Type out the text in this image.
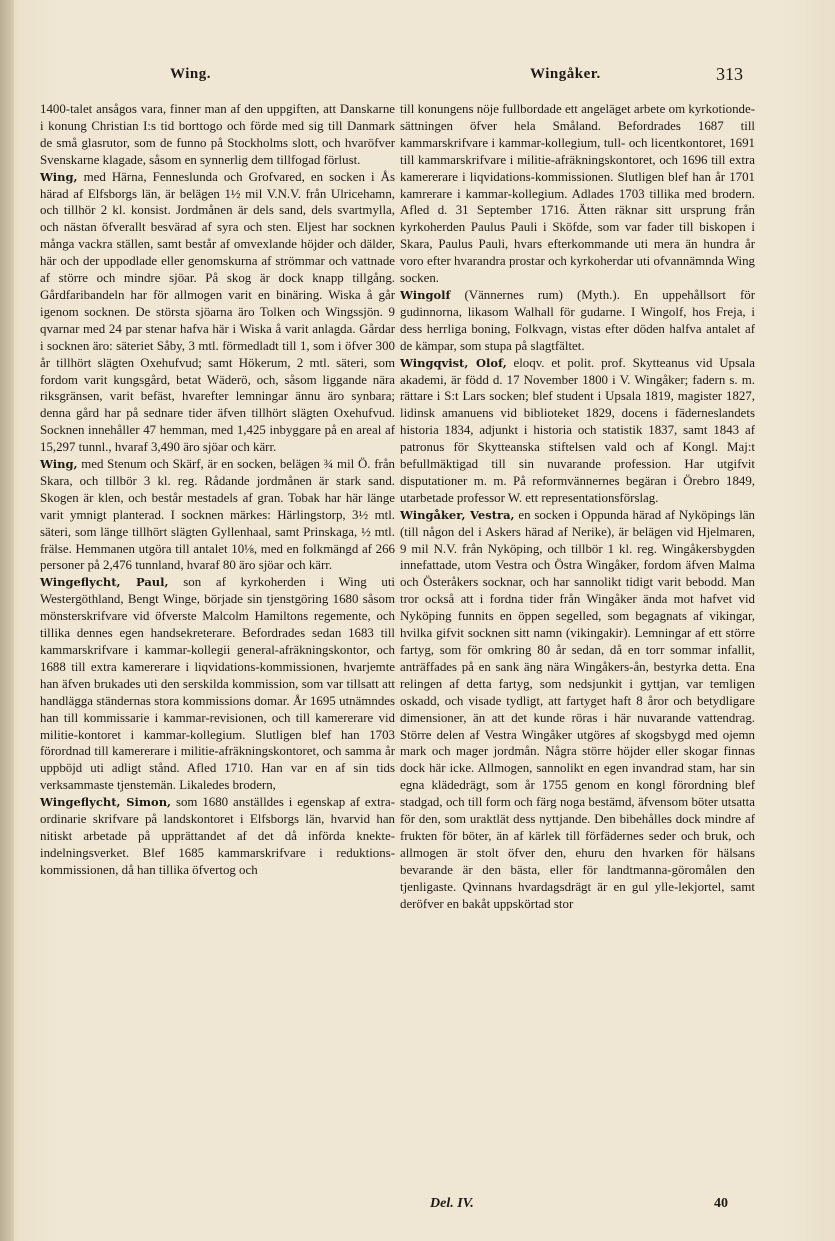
Wing.	Wingåker.	313

1400-talet ansågos vara, finner man af den uppgiften, att Danskarne i konung Christian I:s tid borttogo och förde med sig till Danmark de små glasrutor, som de funno på Stockholms slott, och hvaröfver Svenskarne klagade, såsom en synnerlig dem tillfogad förlust.

Wing, med Härna, Fenneslunda och Grofvared, en socken i Ås härad af Elfsborgs län, är belägen 1½ mil V.N.V. från Ulricehamn, och tillhör 2 kl. konsist. Jordmånen är dels sand, dels svartmylla, och nästan öfverallt besvärad af syra och sten. Eljest har socknen många vackra ställen, samt består af omvexlande höjder och dälder, här och der uppodlade eller genomskurna af strömmar och vattnade af större och mindre sjöar. På skog är dock knapp tillgång. Gårdfaribandeln har för allmogen varit en binäring. Wiska å går igenom socknen. De största sjöarna äro Tolken och Wingssjön. 9 qvarnar med 24 par stenar hafva här i Wiska å varit anlagda. Gårdar i socknen äro: säteriet Såby, 3 mtl. förmedladt till 1, som i öfver 300 år tillhört slägten Oxehufvud; samt Hökerum, 2 mtl. säteri, som fordom varit kungsgård, betat Wäderö, och, såsom liggande nära riksgränsen, varit befäst, hvarefter lemningar ännu äro synbara; denna gård har på sednare tider äfven tillhört slägten Oxehufvud. Socknen innehåller 47 hemman, med 1,425 inbyggare på en areal af 15,297 tunnl., hvaraf 3,490 äro sjöar och kärr.

Wing, med Stenum och Skärf, är en socken, belägen ¾ mil Ö. från Skara, och tillbör 3 kl. reg. Rådande jordmånen är stark sand. Skogen är klen, och består mestadels af gran. Tobak har här länge varit ymnigt planterad. I socknen märkes: Härlingstorp, 3½ mtl. säteri, som länge tillhört slägten Gyllenhaal, samt Prinskaga, ½ mtl. frälse. Hemmanen utgöra till antalet 10⅛, med en folkmängd af 266 personer på 2,476 tunnland, hvaraf 80 äro sjöar och kärr.

Wingeflycht, Paul, son af kyrkoherden i Wing uti Westergöthland, Bengt Winge, började sin tjenstgöring 1680 såsom mönsterskrifvare vid öfverste Malcolm Hamiltons regemente, och tillika dennes egen handsekreterare. Befordrades sedan 1683 till kammarskrifvare i kammar-kollegii general-afräkningskontor, och 1688 till extra kamererare i liqvidations-kommissionen, hvarjemte han äfven brukades uti den serskilda kommission, som var tillsatt att handlägga ständernas stora kommissions domar. År 1695 utnämndes han till kommissarie i kammar-revisionen, och till kamererare vid militie-kontoret i kammar-kollegium. Slutligen blef han 1703 förordnad till kamererare i militie-afräkningskontoret, och samma år uppböjd uti adligt stånd. Afled 1710. Han var en af sin tids verksammaste tjenstemän. Likaledes brodern,

Wingeflycht, Simon, som 1680 anställdes i egenskap af extra-ordinarie skrifvare på landskontoret i Elfsborgs län, hvarvid han nitiskt arbetade på upprättandet af det då införda knekte-indelningsverket. Blef 1685 kammarskrifvare i reduktions-kommissionen, då han tillika öfvertog och

till konungens nöje fullbordade ett angeläget arbete om kyrkotionde-sättningen öfver hela Småland. Befordrades 1687 till kammarskrifvare i kammar-kollegium, tull- och licentkontoret, 1691 till kammarskrifvare i militie-afräkningskontoret, och 1696 till extra kamererare i liqvidations-kommissionen. Slutligen blef han år 1701 kamrerare i kammar-kollegium. Adlades 1703 tillika med brodern. Afled d. 31 September 1716. Ätten räknar sitt ursprung från kyrkoherden Paulus Pauli i Sköfde, som var fader till biskopen i Skara, Paulus Pauli, hvars efterkommande uti mera än hundra år voro efter hvarandra prostar och kyrkoherdar uti ofvannämnda Wing socken.

Wingolf (Vännernes rum) (Myth.). En uppehållsort för gudinnorna, likasom Walhall för gudarne. I Wingolf, hos Freja, i dess herrliga boning, Folkvagn, vistas efter döden halfva antalet af de kämpar, som stupa på slagtfältet.

Wingqvist, Olof, eloqv. et polit. prof. Skytteanus vid Upsala akademi, är född d. 17 November 1800 i V. Wingåker; fadern s. m. rättare i S:t Lars socken; blef student i Upsala 1819, magister 1827, lidinsk amanuens vid biblioteket 1829, docens i fäderneslandets historia 1834, adjunkt i historia och statistik 1837, samt 1843 af patronus för Skytteanska stiftelsen vald och af Kongl. Maj:t befullmäktigad till sin nuvarande profession. Har utgifvit disputationer m. m. På reformvännernes begäran i Örebro 1849, utarbetade professor W. ett representationsförslag.

Wingåker, Vestra, en socken i Oppunda härad af Nyköpings län (till någon del i Askers härad af Nerike), är belägen vid Hjelmaren, 9 mil N.V. från Nyköping, och tillbör 1 kl. reg. Wingåkersbygden innefattade, utom Vestra och Östra Wingåker, fordom äfven Malma och Österåkers socknar, och har sannolikt tidigt varit bebodd. Man tror också att i fordna tider från Wingåker ända mot hafvet vid Nyköping funnits en öppen segelled, som begagnats af vikingar, hvilka gifvit socknen sitt namn (vikingakir). Lemningar af ett större fartyg, som för omkring 80 år sedan, då en torr sommar infallit, anträffades på en sank äng nära Wingåkers-ån, bestyrka detta. Ena relingen af detta fartyg, som nedsjunkit i gyttjan, var temligen oskadd, och visade tydligt, att fartyget haft 8 åror och betydligare dimensioner, än att det kunde röras i här nuvarande vattendrag. Större delen af Vestra Wingåker utgöres af skogsbygd med ojemn mark och mager jordmån. Några större höjder eller skogar finnas dock här icke. Allmogen, sannolikt en egen invandrad stam, har sin egna klädedrägt, som år 1755 genom en kongl förordning blef stadgad, och till form och färg noga bestämd, äfvensom böter utsatta för den, som uraktlät dess nyttjande. Den bibehålles dock mindre af frukten för böter, än af kärlek till förfädernes seder och bruk, och allmogen är stolt öfver den, ehuru den hvarken för hälsans bevarande är den bästa, eller för landtmanna-göromålen den tjenligaste. Qvinnans hvardagsdrägt är en gul ylle-lekjortel, samt deröfver en bakåt uppskörtad stor

Del. IV.	40
